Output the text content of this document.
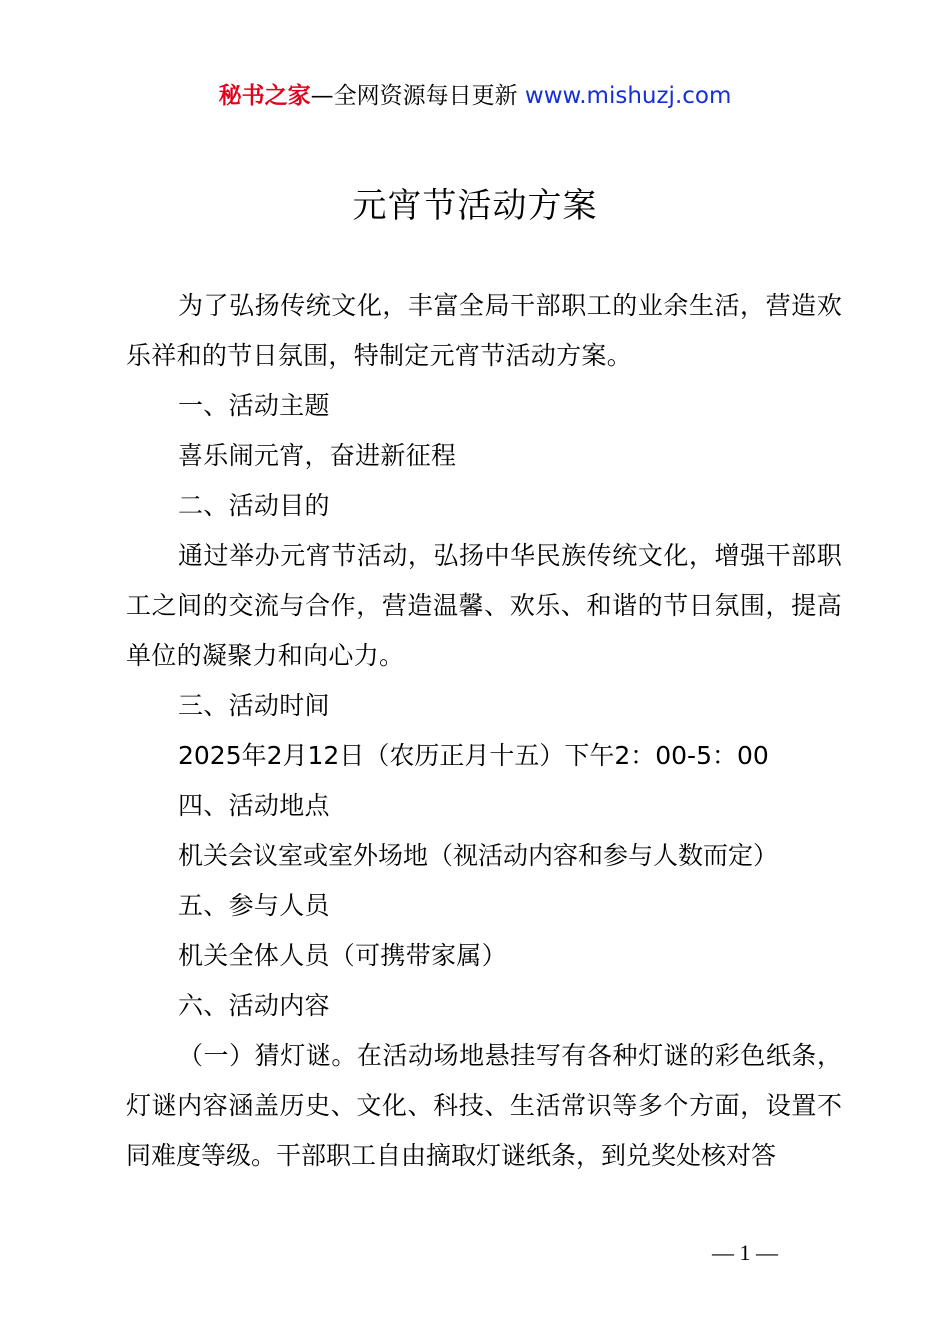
秘书之家—全网资源每日更新 www.mishuzj.com
元宵节活动方案

为了弘扬传统文化，丰富全局干部职工的业余生活，营造欢乐祥和的节日氛围，特制定元宵节活动方案。

一、活动主题

喜乐闹元宵，奋进新征程

二、活动目的

通过举办元宵节活动，弘扬中华民族传统文化，增强干部职工之间的交流与合作，营造温馨、欢乐、和谐的节日氛围，提高单位的凝聚力和向心力。

三、活动时间

2025年2月12日（农历正月十五）下午2：00-5：00

四、活动地点

机关会议室或室外场地（视活动内容和参与人数而定）

五、参与人员

机关全体人员（可携带家属）

六、活动内容

（一）猜灯谜。在活动场地悬挂写有各种灯谜的彩色纸条，灯谜内容涵盖历史、文化、科技、生活常识等多个方面，设置不同难度等级。干部职工自由摘取灯谜纸条，到兑奖处核对答

— 1 —
